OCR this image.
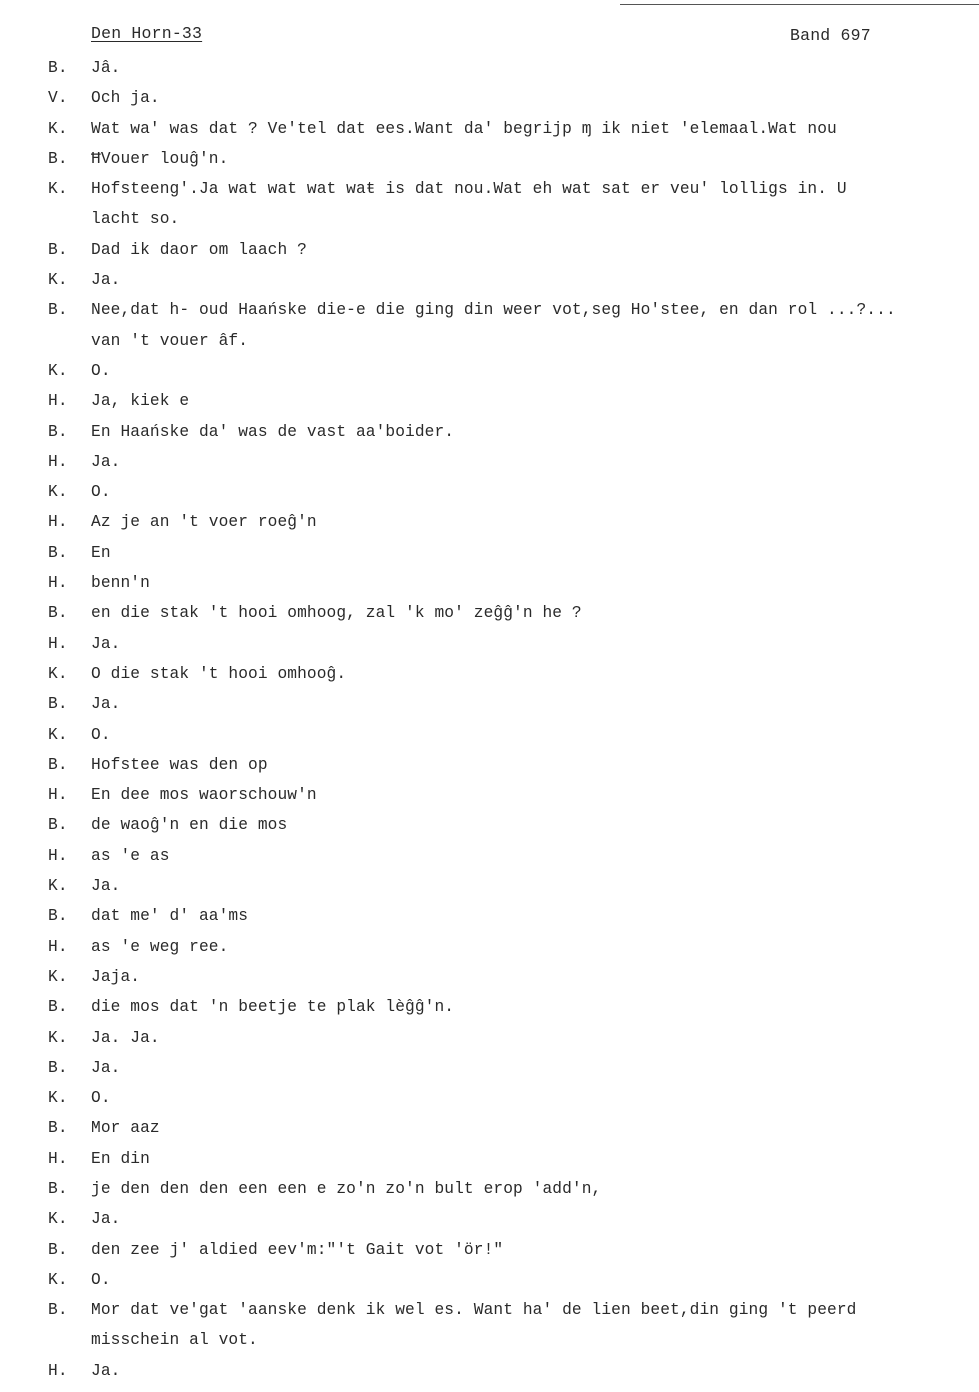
Den Horn-33	Band 697
B. Jâ.
V. Och ja.
K. Wat wa' was dat ? Ve'tel dat ees.Want da' begrijp ɱ ik niet 'elemaal.Wat nou
B. ĦVouer louĝ'n.
K. Hofsteeng'.Ja wat wat wat waŧ is dat nou.Wat eh wat sat er veu' lolligs in. U
lacht so.
B. Dad ik daor om laach ?
K. Ja.
B. Nee,dat h- oud Haańske die-e die ging din weer vot,seg Ho'stee, en dan rol ...?...
van 't vouer âf.
K. O.
H. Ja, kiek e
B. En Haańske da' was de vast aa'boider.
H. Ja.
K. O.
H. Az je an 't voer roeĝ'n
B. En
H. benn'n
B. en die stak 't hooi omhoog, zal 'k mo' zeĝĝ'n he ?
H. Ja.
K. O die stak 't hooi omhooĝ.
B. Ja.
K. O.
B. Hofstee was den op
H. En dee mos waorschouw'n
B. de waoĝ'n en die mos
H. as 'e as
K. Ja.
B. dat me' d' aa'ms
H. as 'e weg ree.
K. Jaja.
B. die mos dat 'n beetje te plak lèĝĝ'n.
K. Ja. Ja.
B. Ja.
K. O.
B. Mor aaz
H. En din
B. je den den den een een e zo'n zo'n bult erop 'add'n,
K. Ja.
B. den zee j' aldied eev'm:"'t Gait vot 'ör!"
K. O.
B. Mor dat ve'gat 'aanske denk ik wel es. Want ha' de lien beet,din ging 't peerd
misschein al vot.
H. Ja.
